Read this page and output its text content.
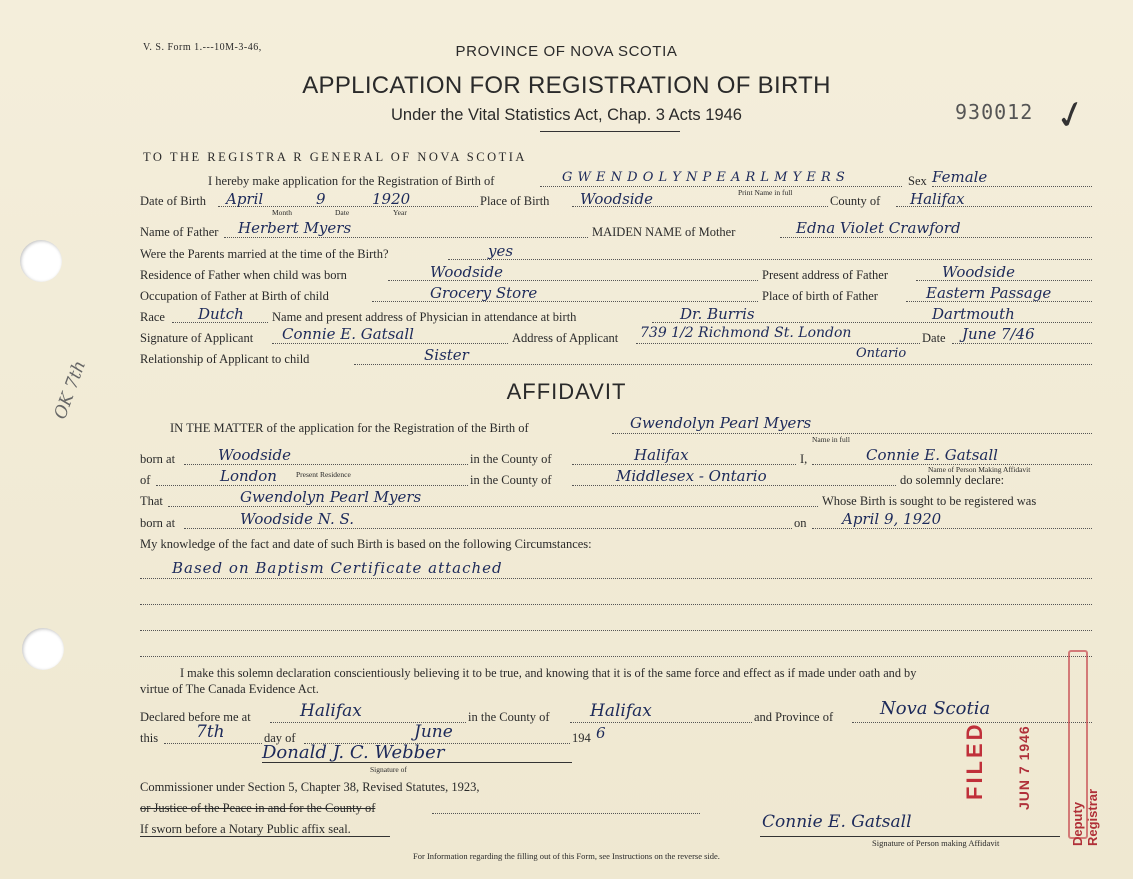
V. S. Form 1.---10M-3-46,	PROVINCE OF NOVA SCOTIA
APPLICATION FOR REGISTRATION OF BIRTH
Under the Vital Statistics Act, Chap. 3 Acts 1946	930012 ✓
TO THE REGISTRA R GENERAL OF NOVA SCOTIA
I hereby make application for the Registration of Birth of	G W E N D O L Y N P E A R L M Y E R S
Print Name in full
Sex Female
Date of Birth April	9	1920
Month	Date	Year
Place of Birth Woodside	County of Halifax
Name of Father Herbert Myers	MAIDEN NAME of Mother	Edna Violet Crawford
Were the Parents married at the time of the Birth?	yes
Residence of Father when child was born	Woodside	Present address of Father	Woodside
Occupation of Father at Birth of child	Grocery Store	Place of birth of Father	Eastern Passage
Race Dutch Name and present address of Physician in attendance at birth	Dr. Burris	Dartmouth
Signature of Applicant Connie E. Gatsall	Address of Applicant 739 1/2 Richmond St. London	Date June 7/46
Relationship of Applicant to child	Sister	Ontario
OK 7th	AFFIDAVIT
IN THE MATTER of the application for the Registration of the Birth of	Gwendolyn Pearl Myers
Name in full
born at	Woodside	in the County of	Halifax	I,	Connie E. Gatsall
Name of Person Making Affidavit
Present Residence
of	London	in the County of	Middlesex - Ontario	do solemnly declare:
That	Gwendolyn Pearl Myers	Whose Birth is sought to be registered was
born at	Woodside N. S.	on April 9, 1920
My knowledge of the fact and date of such Birth is based on the following Circumstances:
Based on Baptism Certificate attached
I make this solemn declaration conscientiously believing it to be true, and knowing that it is of the same force and effect as if made under oath and by
virtue of The Canada Evidence Act.
Declared before me at	Halifax	in the County of Halifax	and Province of	Nova Scotia
this 7th	day of	June	194 6
Donald J. C. Webber
Signature of
Commissioner under Section 5, Chapter 38, Revised Statutes, 1923,
or Justice of the Peace in and for the County of
If sworn before a Notary Public affix seal.	Connie E. Gatsall
Signature of Person making Affidavit
FILED JUN 7 1946
Deputy Registrar
For Information regarding the filling out of this Form, see Instructions on the reverse side.
